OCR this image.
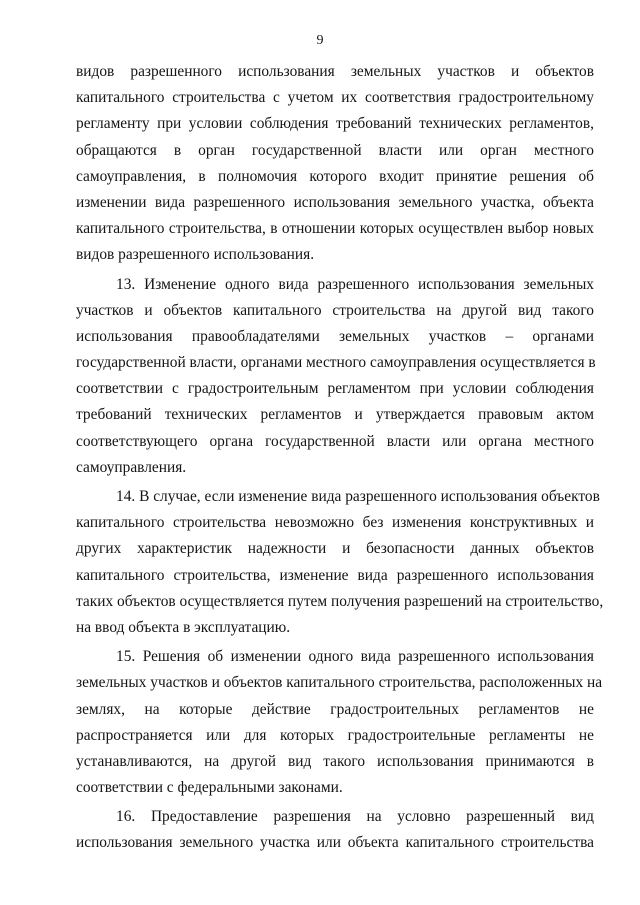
9
видов разрешенного использования земельных участков и объектов
капитального строительства с учетом их соответствия градостроительному
регламенту при условии соблюдения требований технических регламентов,
обращаются в орган государственной власти или орган местного
самоуправления, в полномочия которого входит принятие решения об
изменении вида разрешенного использования земельного участка, объекта
капитального строительства, в отношении которых осуществлен выбор новых
видов разрешенного использования.
13. Изменение одного вида разрешенного использования земельных
участков и объектов капитального строительства на другой вид такого
использования правообладателями земельных участков – органами
государственной власти, органами местного самоуправления осуществляется в
соответствии с градостроительным регламентом при условии соблюдения
требований технических регламентов и утверждается правовым актом
соответствующего органа государственной власти или органа местного
самоуправления.
14. В случае, если изменение вида разрешенного использования объектов
капитального строительства невозможно без изменения конструктивных и
других характеристик надежности и безопасности данных объектов
капитального строительства, изменение вида разрешенного использования
таких объектов осуществляется путем получения разрешений на строительство,
на ввод объекта в эксплуатацию.
15. Решения об изменении одного вида разрешенного использования
земельных участков и объектов капитального строительства, расположенных на
землях, на которые действие градостроительных регламентов не
распространяется или для которых градостроительные регламенты не
устанавливаются, на другой вид такого использования принимаются в
соответствии с федеральными законами.
16. Предоставление разрешения на условно разрешенный вид
использования земельного участка или объекта капитального строительства
